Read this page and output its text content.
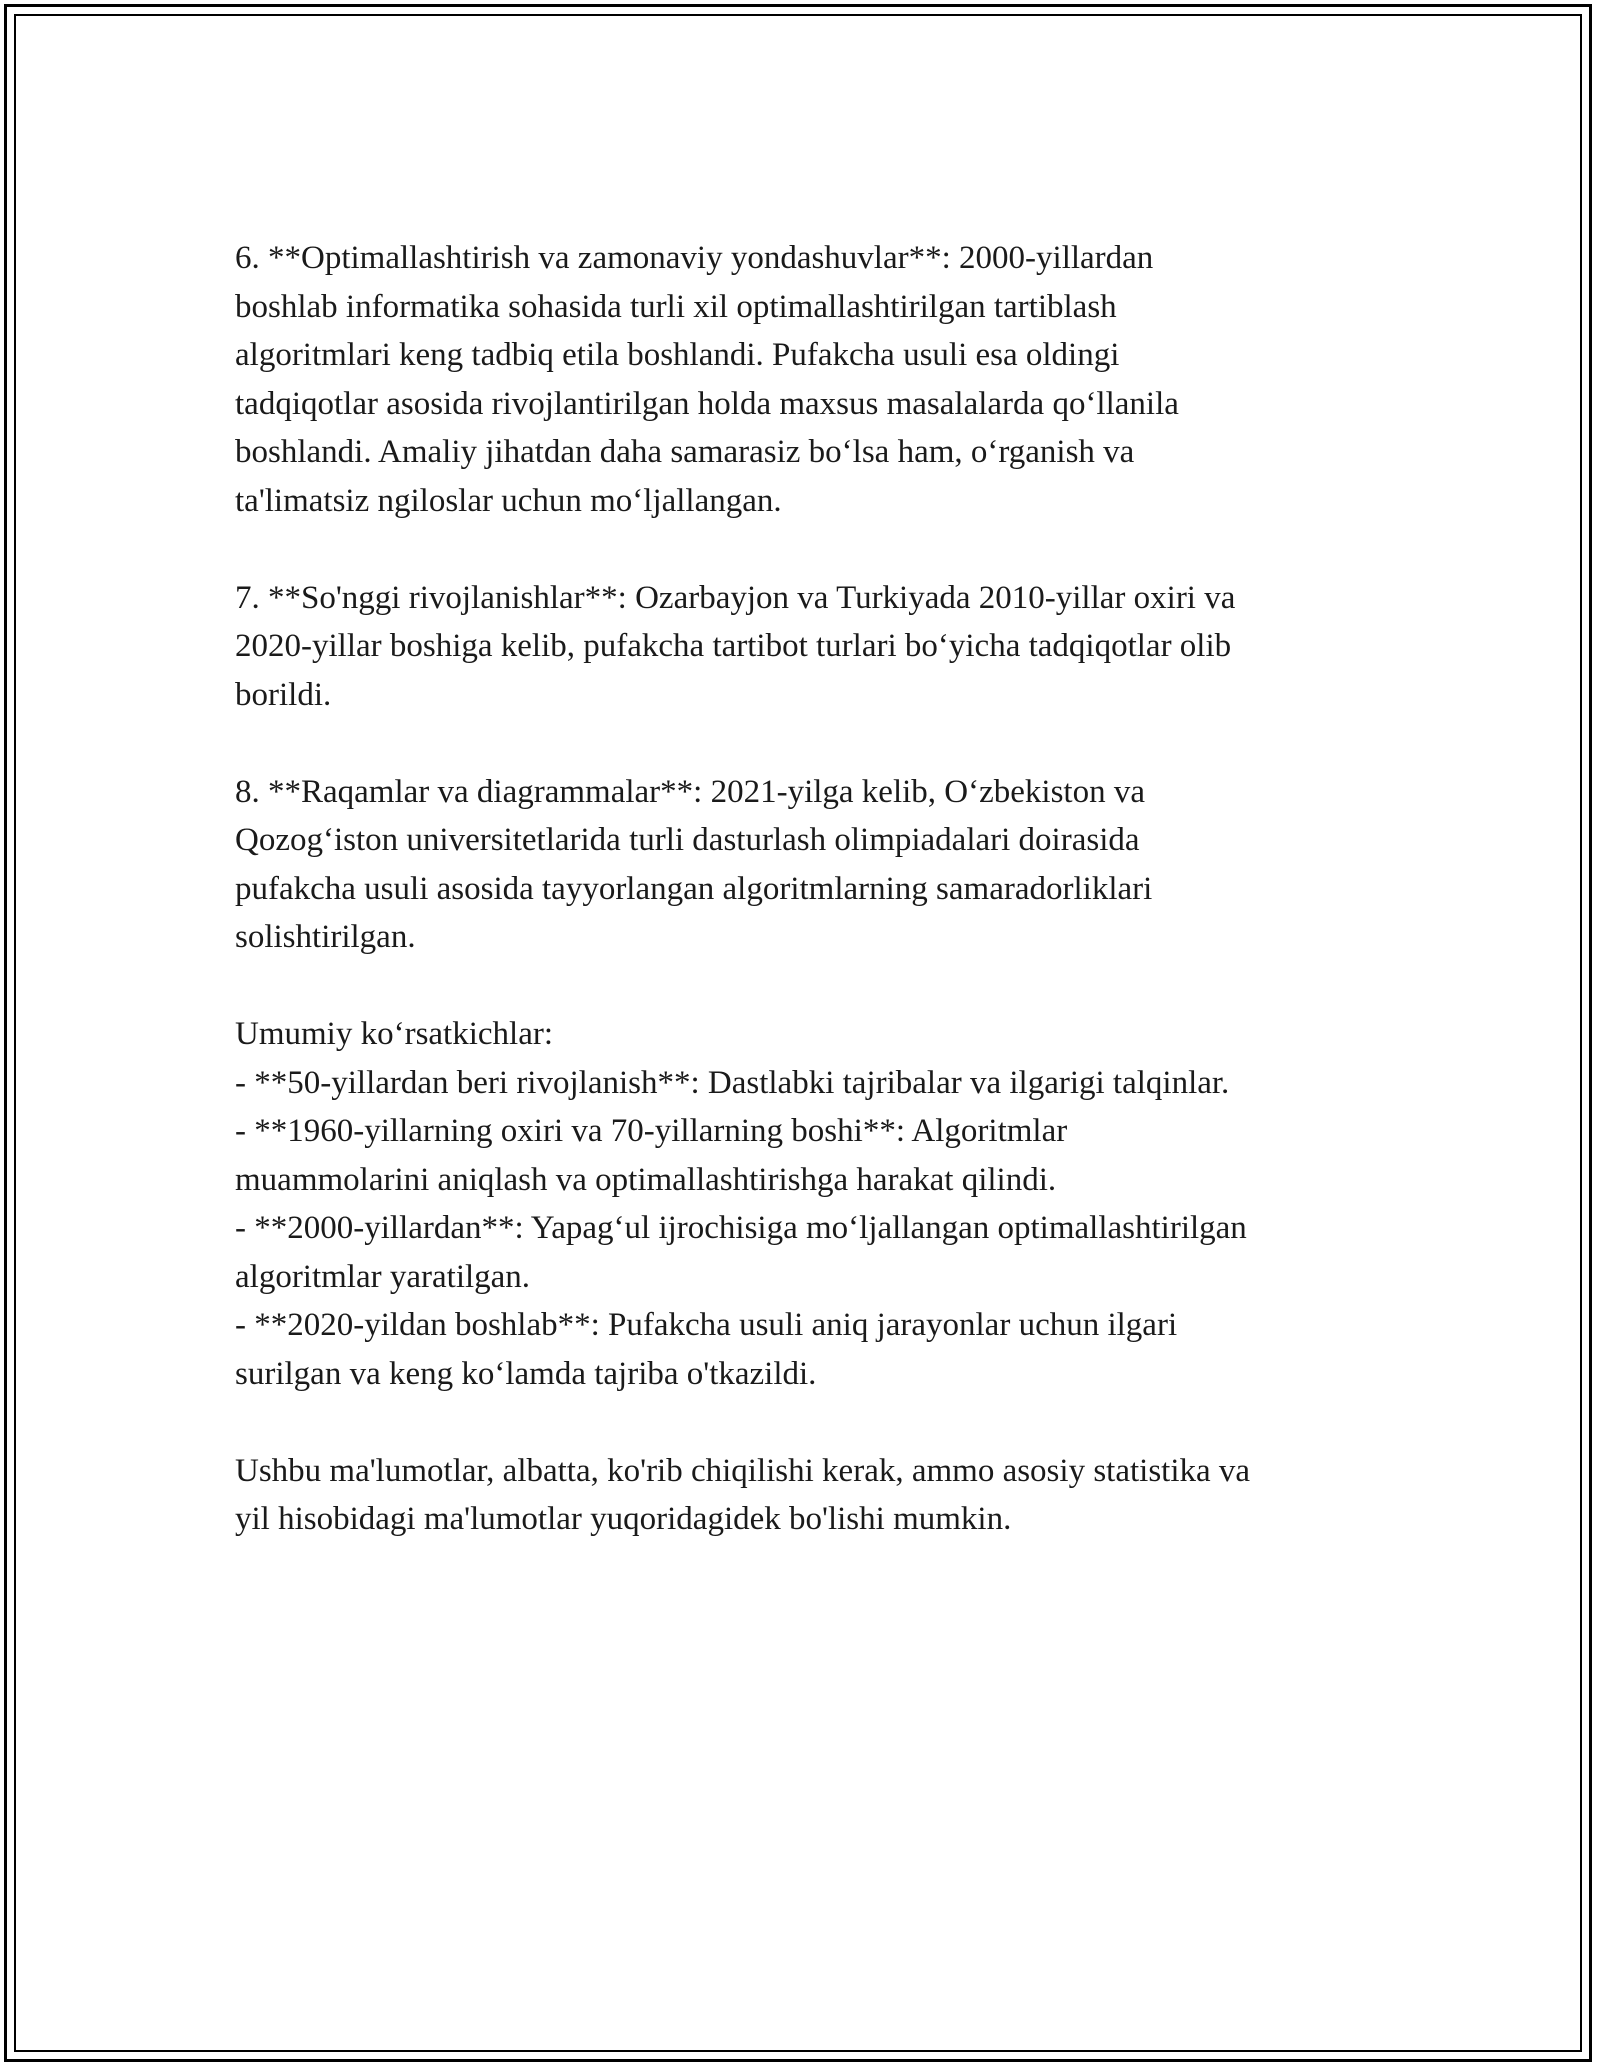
6. **Optimallashtirish va zamonaviy yondashuvlar**: 2000-yillardan
boshlab informatika sohasida turli xil optimallashtirilgan tartiblash
algoritmlari keng tadbiq etila boshlandi. Pufakcha usuli esa oldingi
tadqiqotlar asosida rivojlantirilgan holda maxsus masalalarda qo‘llanila
boshlandi. Amaliy jihatdan daha samarasiz bo‘lsa ham, o‘rganish va
ta'limatsiz ngiloslar uchun mo‘ljallangan.

7. **So'nggi rivojlanishlar**: Ozarbayjon va Turkiyada 2010-yillar oxiri va
2020-yillar boshiga kelib, pufakcha tartibot turlari bo‘yicha tadqiqotlar olib
borildi.

8. **Raqamlar va diagrammalar**: 2021-yilga kelib, O‘zbekiston va
Qozog‘iston universitetlarida turli dasturlash olimpiadalari doirasida
pufakcha usuli asosida tayyorlangan algoritmlarning samaradorliklari
solishtirilgan.

Umumiy ko‘rsatkichlar:

- **50-yillardan beri rivojlanish**: Dastlabki tajribalar va ilgarigi talqinlar.
- **1960-yillarning oxiri va 70-yillarning boshi**: Algoritmlar
muammolarini aniqlash va optimallashtirishga harakat qilindi.
- **2000-yillardan**: Yapag‘ul ijrochisiga mo‘ljallangan optimallashtirilgan
algoritmlar yaratilgan.
- **2020-yildan boshlab**: Pufakcha usuli aniq jarayonlar uchun ilgari
surilgan va keng ko‘lamda tajriba o'tkazildi.

Ushbu ma'lumotlar, albatta, ko'rib chiqilishi kerak, ammo asosiy statistika va
yil hisobidagi ma'lumotlar yuqoridagidek bo'lishi mumkin.
